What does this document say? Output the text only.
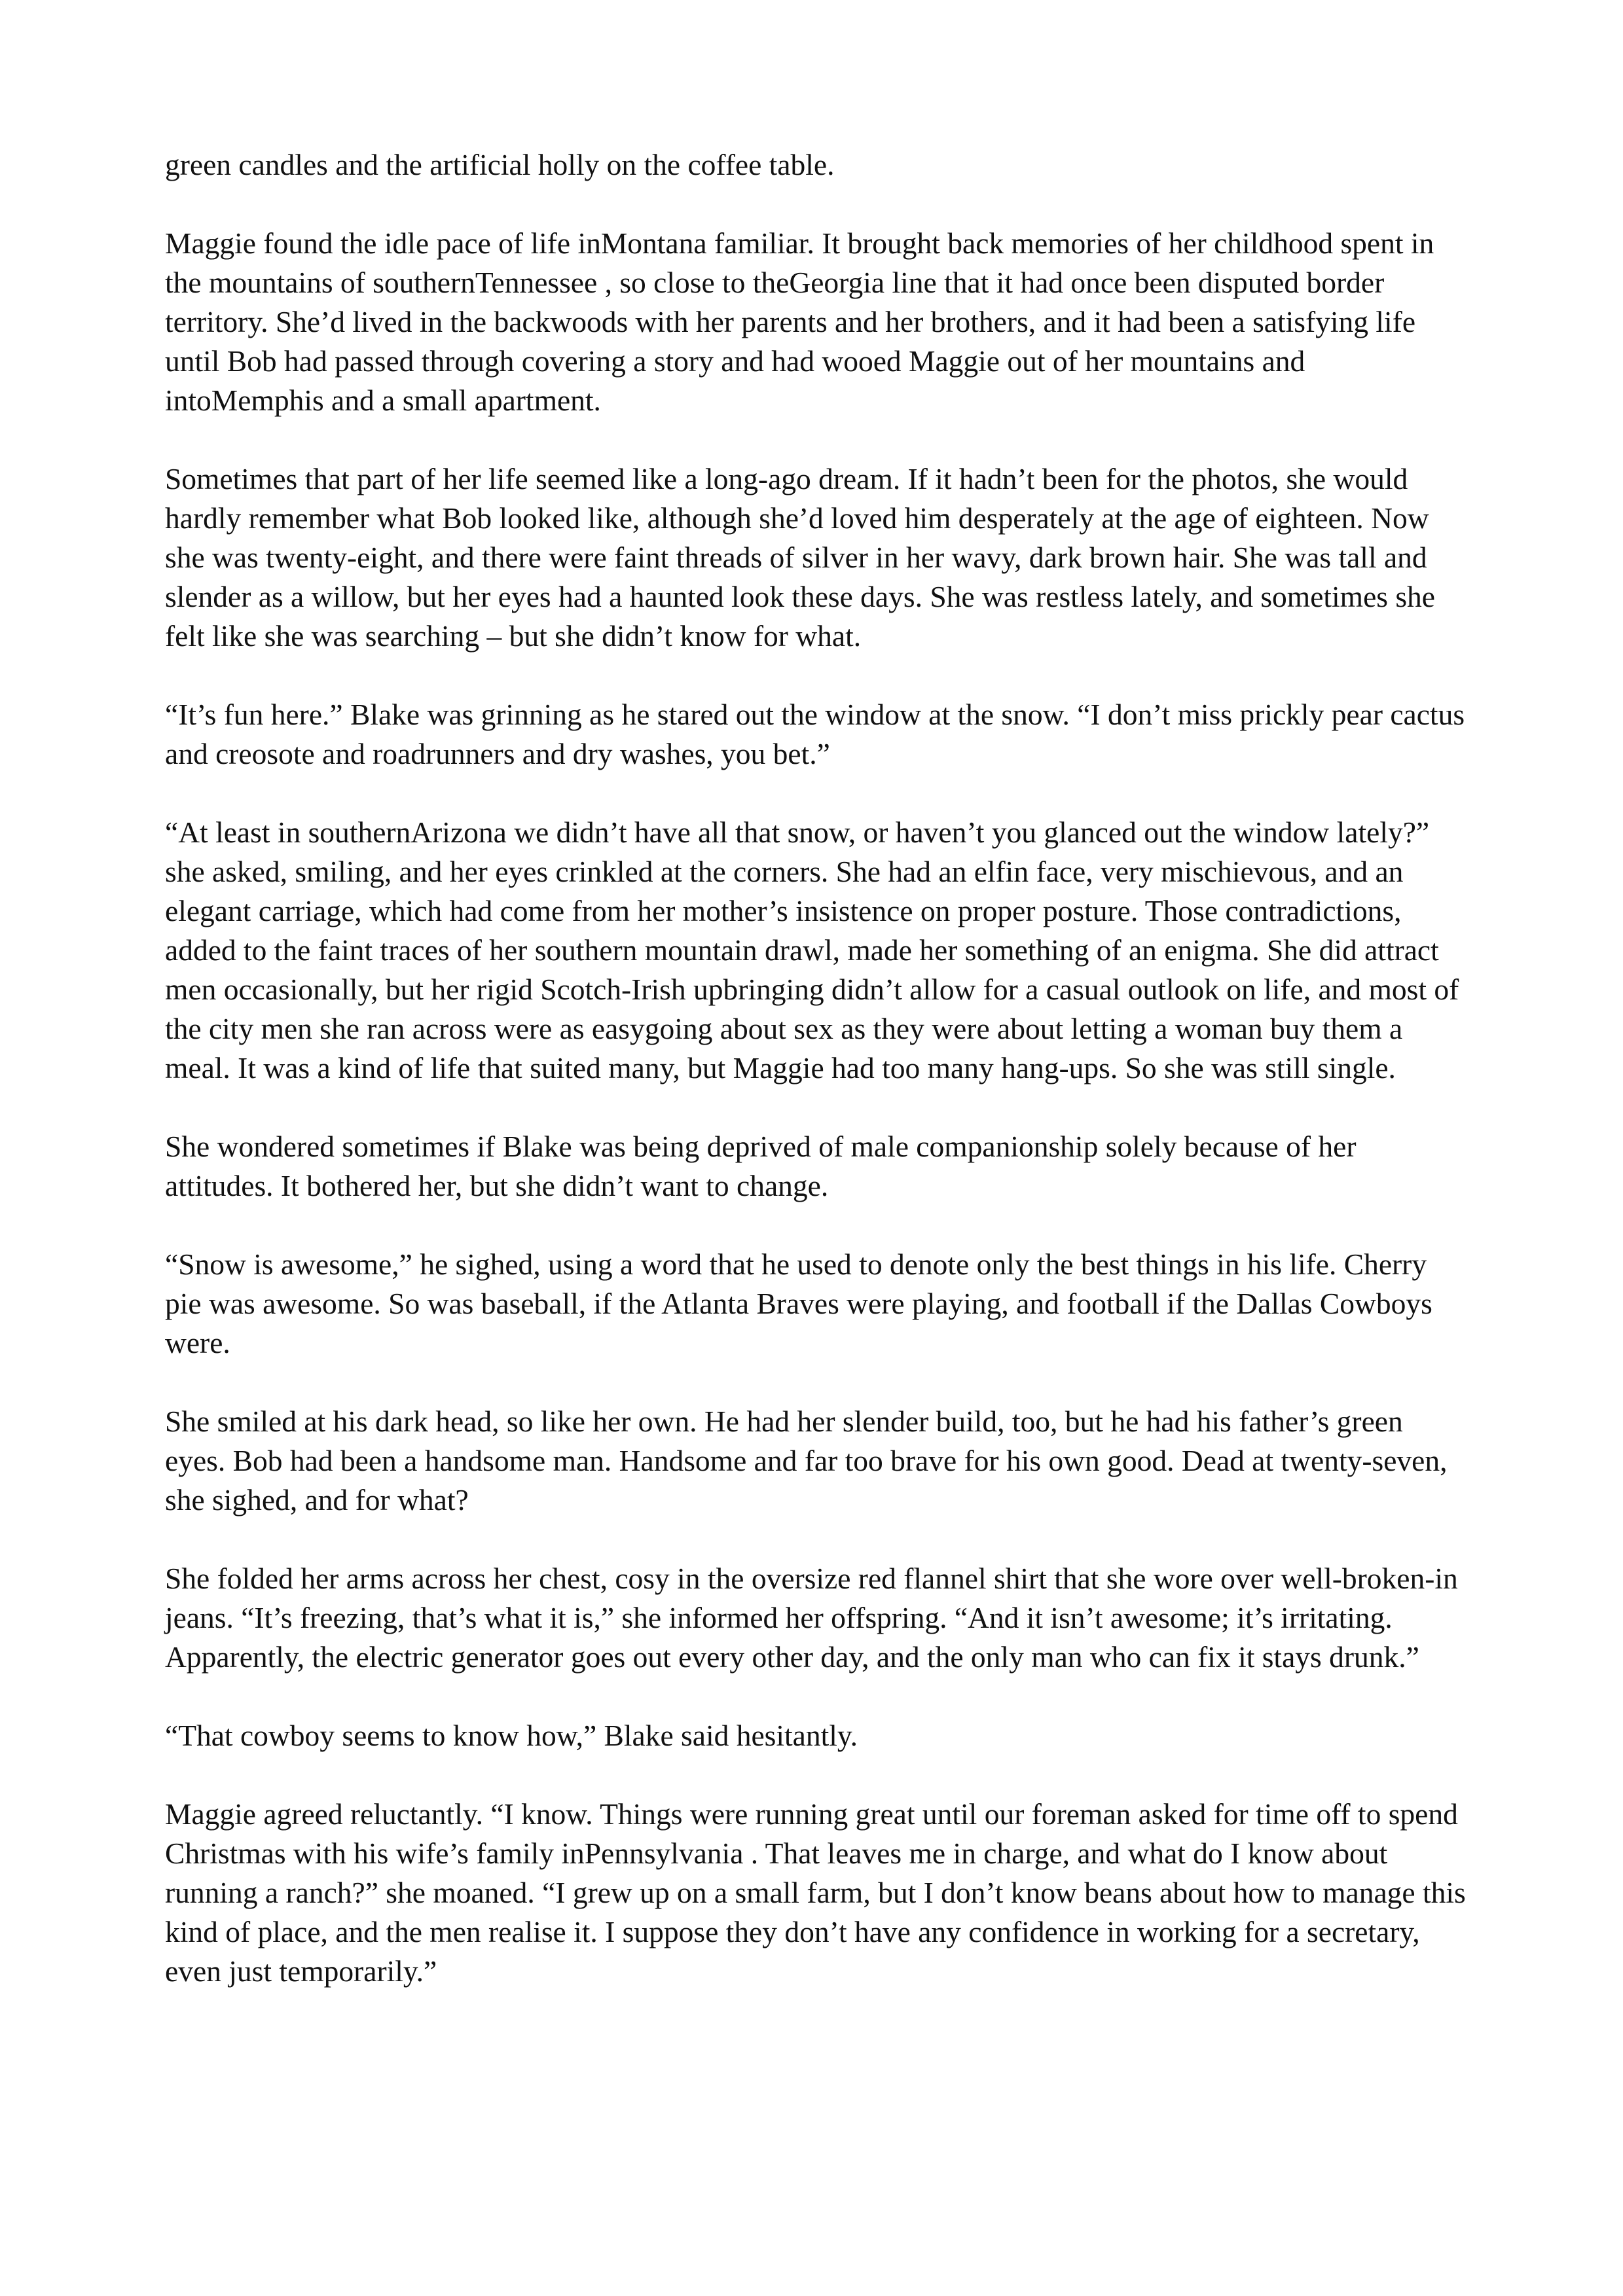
green candles and the artificial holly on the coffee table.

Maggie found the idle pace of life inMontana familiar. It brought back memories of her childhood spent in the mountains of southernTennessee , so close to theGeorgia line that it had once been disputed border territory. She’d lived in the backwoods with her parents and her brothers, and it had been a satisfying life until Bob had passed through covering a story and had wooed Maggie out of her mountains and intoMemphis and a small apartment.

Sometimes that part of her life seemed like a long-ago dream. If it hadn’t been for the photos, she would hardly remember what Bob looked like, although she’d loved him desperately at the age of eighteen. Now she was twenty-eight, and there were faint threads of silver in her wavy, dark brown hair. She was tall and slender as a willow, but her eyes had a haunted look these days. She was restless lately, and sometimes she felt like she was searching – but she didn’t know for what.

“It’s fun here.” Blake was grinning as he stared out the window at the snow. “I don’t miss prickly pear cactus and creosote and roadrunners and dry washes, you bet.”

“At least in southernArizona we didn’t have all that snow, or haven’t you glanced out the window lately?” she asked, smiling, and her eyes crinkled at the corners. She had an elfin face, very mischievous, and an elegant carriage, which had come from her mother’s insistence on proper posture. Those contradictions, added to the faint traces of her southern mountain drawl, made her something of an enigma. She did attract men occasionally, but her rigid Scotch-Irish upbringing didn’t allow for a casual outlook on life, and most of the city men she ran across were as easygoing about sex as they were about letting a woman buy them a meal. It was a kind of life that suited many, but Maggie had too many hang-ups. So she was still single.

She wondered sometimes if Blake was being deprived of male companionship solely because of her attitudes. It bothered her, but she didn’t want to change.

“Snow is awesome,” he sighed, using a word that he used to denote only the best things in his life. Cherry pie was awesome. So was baseball, if the Atlanta Braves were playing, and football if the Dallas Cowboys were.

She smiled at his dark head, so like her own. He had her slender build, too, but he had his father’s green eyes. Bob had been a handsome man. Handsome and far too brave for his own good. Dead at twenty-seven, she sighed, and for what?

She folded her arms across her chest, cosy in the oversize red flannel shirt that she wore over well-broken-in jeans. “It’s freezing, that’s what it is,” she informed her offspring. “And it isn’t awesome; it’s irritating. Apparently, the electric generator goes out every other day, and the only man who can fix it stays drunk.”

“That cowboy seems to know how,” Blake said hesitantly.

Maggie agreed reluctantly. “I know. Things were running great until our foreman asked for time off to spend Christmas with his wife’s family inPennsylvania . That leaves me in charge, and what do I know about running a ranch?” she moaned. “I grew up on a small farm, but I don’t know beans about how to manage this kind of place, and the men realise it. I suppose they don’t have any confidence in working for a secretary, even just temporarily.”
